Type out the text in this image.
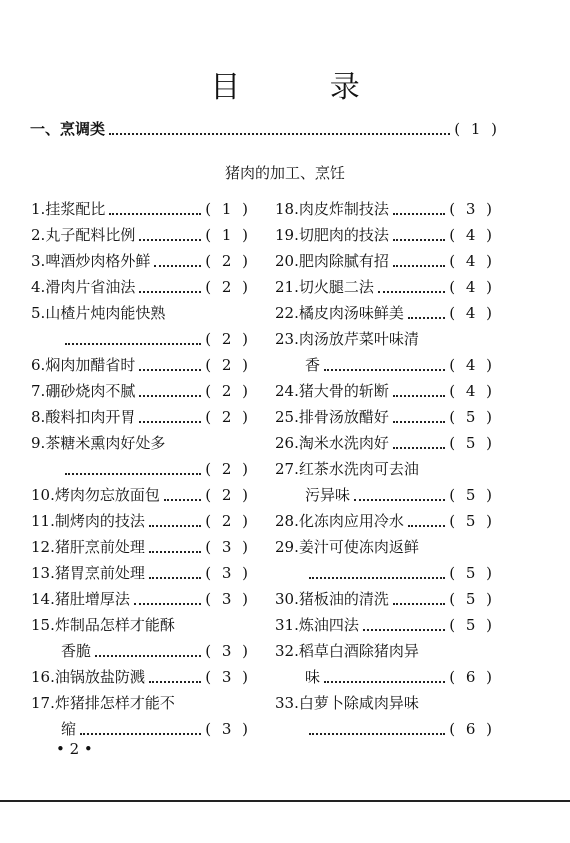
目 录
一、烹调类	( 1 )
猪肉的加工、烹饪
1. 挂浆配比	( 1 )
2. 丸子配料比例	( 1 )
3. 啤酒炒肉格外鲜	( 2 )
4. 滑肉片省油法	( 2 )
5. 山楂片炖肉能快熟
( 2 )
6. 焖肉加醋省时	( 2 )
7. 硼砂烧肉不腻	( 2 )
8. 酸料扣肉开胃	( 2 )
9. 茶糖米熏肉好处多
( 2 )
10. 烤肉勿忘放面包	( 2 )
11. 制烤肉的技法	( 2 )
12. 猪肝烹前处理	( 3 )
13. 猪胃烹前处理	( 3 )
14. 猪肚增厚法	( 3 )
15. 炸制品怎样才能酥
香脆	( 3 )
16. 油锅放盐防溅	( 3 )
17. 炸猪排怎样才能不
缩	( 3 )
18. 肉皮炸制技法	( 3 )
19. 切肥肉的技法	( 4 )
20. 肥肉除腻有招	( 4 )
21. 切火腿二法	( 4 )
22. 橘皮肉汤味鲜美	( 4 )
23. 肉汤放芹菜叶味清
香	( 4 )
24. 猪大骨的斩断	( 4 )
25. 排骨汤放醋好	( 5 )
26. 淘米水洗肉好	( 5 )
27. 红茶水洗肉可去油
污异味	( 5 )
28. 化冻肉应用冷水	( 5 )
29. 姜汁可使冻肉返鲜
( 5 )
30. 猪板油的清洗	( 5 )
31. 炼油四法	( 5 )
32. 稻草白酒除猪肉异
味	( 6 )
33. 白萝卜除咸肉异味
( 6 )
• 2 •
